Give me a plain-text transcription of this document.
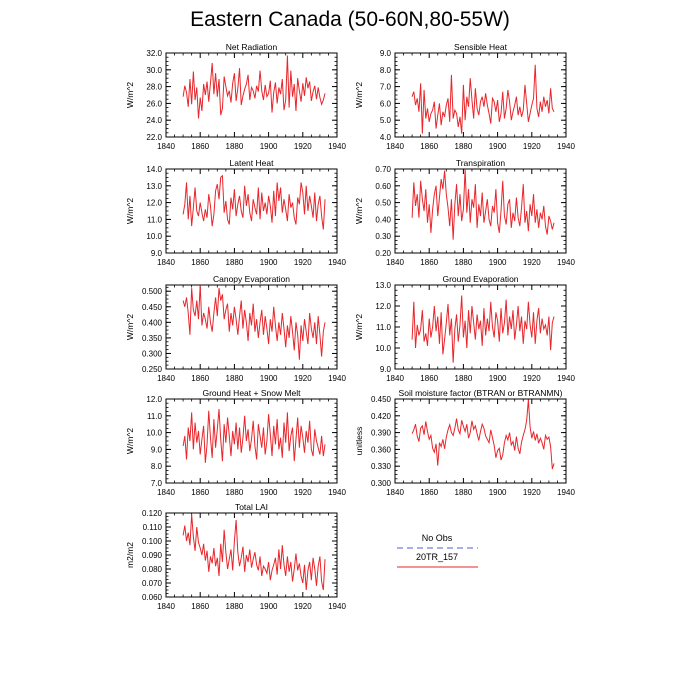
Eastern Canada (50-60N,80-55W)
Net Radiation
W/m^2
1840 1860 1880 1900 1920 1940
22.0
24.0
26.0
28.0
30.0
32.0
Sensible Heat
W/m^2
1840 1860 1880 1900 1920 1940
4.0
5.0
6.0
7.0
8.0
9.0
Latent Heat
W/m^2
1840 1860 1880 1900 1920 1940
9.0
10.0
11.0
12.0
13.0
14.0
Transpiration
W/m^2
1840 1860 1880 1900 1920 1940
0.20
0.30
0.40
0.50
0.60
0.70
Canopy Evaporation
W/m^2
1840 1860 1880 1900 1920 1940
0.250
0.300
0.350
0.400
0.450
0.500
Ground Evaporation
W/m^2
1840 1860 1880 1900 1920 1940
9.0
10.0
11.0
12.0
13.0
Ground Heat + Snow Melt
W/m^2
1840 1860 1880 1900 1920 1940
7.0
8.0
9.0
10.0
11.0
12.0
Soil moisture factor (BTRAN or BTRANMN)
unitless
1840 1860 1880 1900 1920 1940
0.300
0.330
0.360
0.390
0.420
0.450
Total LAI
m2/m2
1840 1860 1880 1900 1920 1940
0.060
0.070
0.080
0.090
0.100
0.110
0.120
No Obs
20TR_157
